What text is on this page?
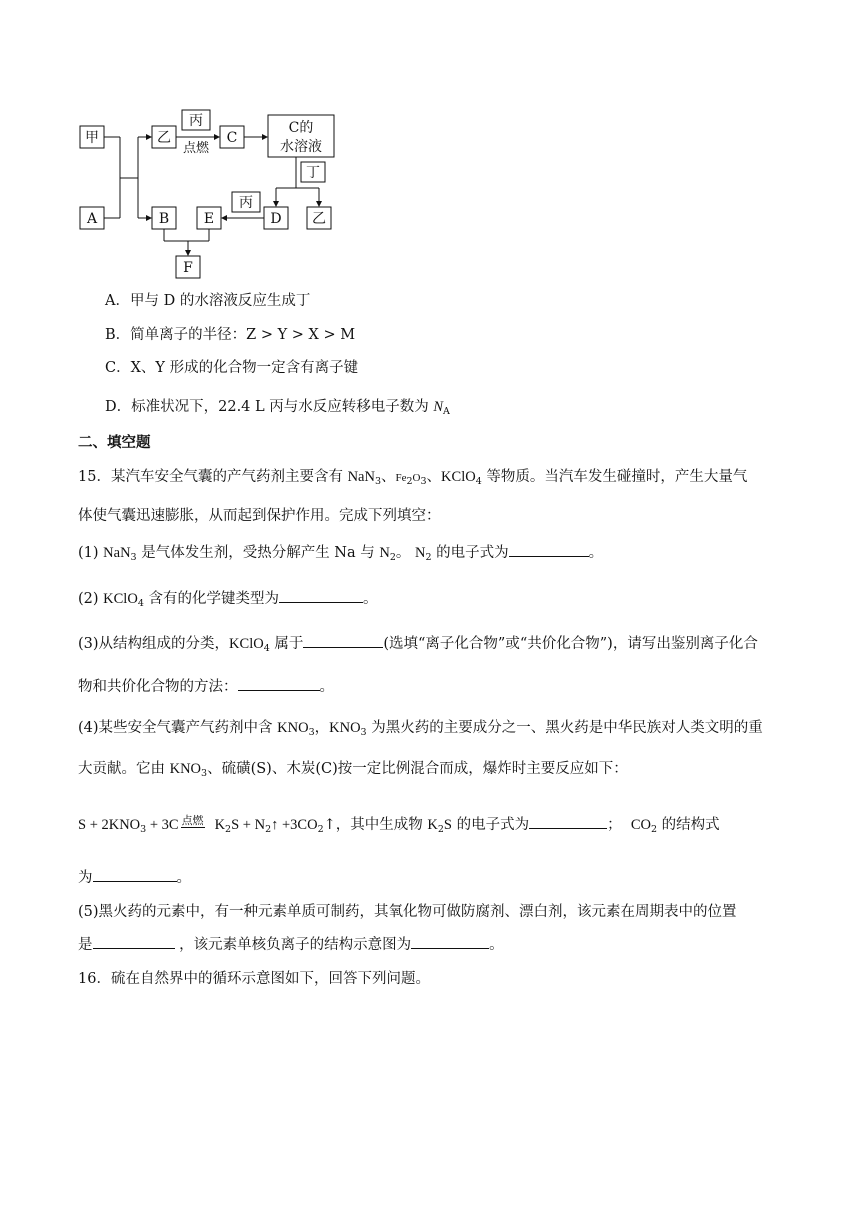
甲
A
乙
丙
点燃
C
C的
水溶液
丁
丙
B E	D 乙
F
A．甲与 D 的水溶液反应生成丁
B．简单离子的半径：Z > Y > X > M
C．X、Y 形成的化合物一定含有离子键
D．标准状况下，22.4 L 丙与水反应转移电子数为 $N_A$
二、填空题
15．某汽车安全气囊的产气药剂主要含有 NaN$_3$、$Fe_2O_3$、KClO$_4$ 等物质。当汽车发生碰撞时，产生大量气
体使气囊迅速膨胀，从而起到保护作用。完成下列填空：
(1) NaN$_3$ 是气体发生剂，受热分解产生 Na 与 $N_2$。 $N_2$ 的电子式为	。
(2) KClO$_4$ 含有的化学键类型为	。
(3)从结构组成的分类，KClO$_4$ 属于	(选填“离子化合物”或“共价化合物”)，请写出鉴别离子化合
物和共价化合物的方法：	。
(4)某些安全气囊产气药剂中含 $KNO_3$，$KNO_3$ 为黑火药的主要成分之一、黑火药是中华民族对人类文明的重
大贡献。它由 $KNO_3$、硫磺(S)、木炭(C)按一定比例混合而成，爆炸时主要反应如下：
$S + 2KNO_3 + 3C$ 点燃 $K_2S$ + $N_2↑$ $+3CO_2↑$，其中生成物 $K_2S$ 的电子式为	； $CO_2$ 的结构式
为	。
(5)黑火药的元素中，有一种元素单质可制药，其氧化物可做防腐剂、漂白剂，该元素在周期表中的位置
是	，该元素单核负离子的结构示意图为	。
16．硫在自然界中的循环示意图如下，回答下列问题。
